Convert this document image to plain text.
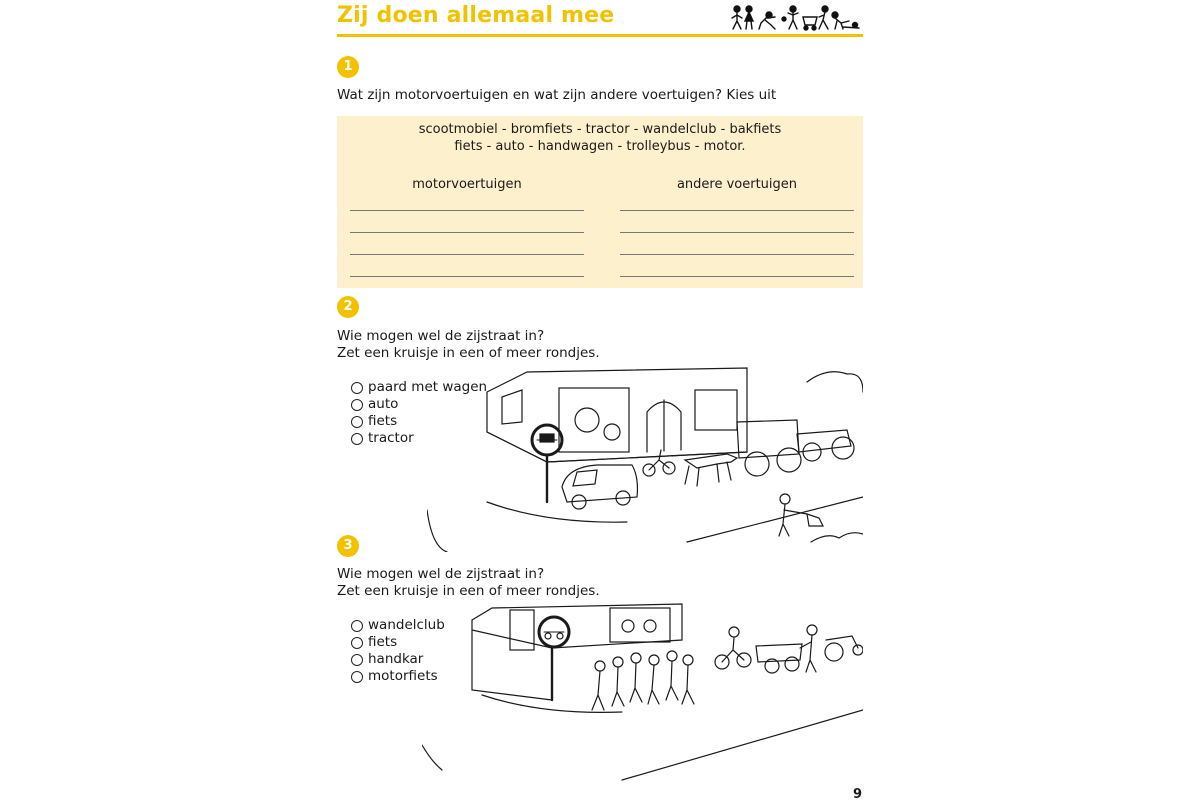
Zij doen allemaal mee
1
Wat zijn motorvoertuigen en wat zijn andere voertuigen? Kies uit
scootmobiel - bromfiets - tractor - wandelclub - bakfiets
fiets - auto - handwagen - trolleybus - motor.
motorvoertuigen	andere voertuigen
2
Wie mogen wel de zijstraat in?
Zet een kruisje in een of meer rondjes.
paard met wagen
auto
fiets
tractor
3
Wie mogen wel de zijstraat in?
Zet een kruisje in een of meer rondjes.
wandelclub
fiets
handkar
motorfiets
9
